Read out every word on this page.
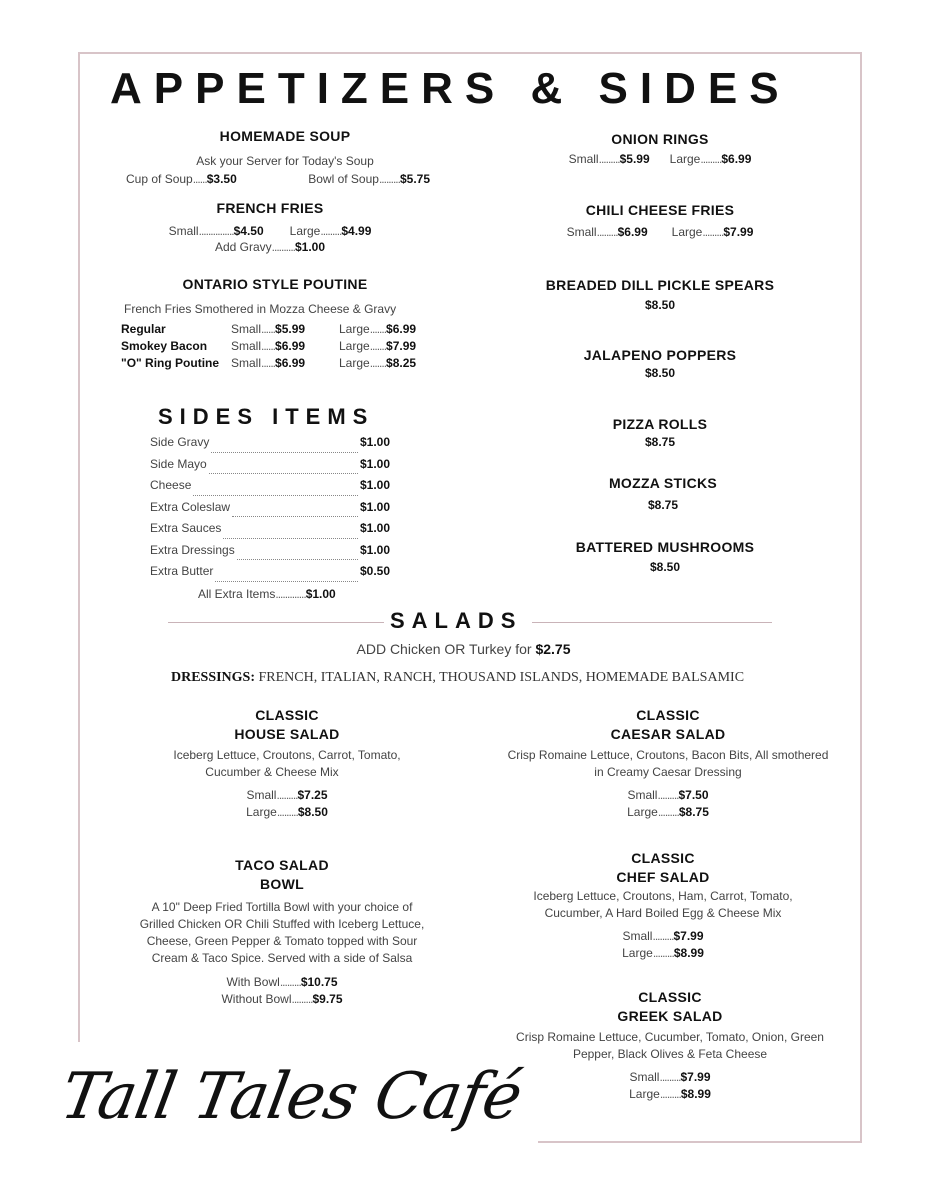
APPETIZERS & SIDES
HOMEMADE SOUP
Ask your Server for Today's Soup
Cup of Soup......$3.50	Bowl of Soup.........$5.75
FRENCH FRIES
Small...............$4.50 Large.........$4.99
Add Gravy..........$1.00
ONTARIO STYLE POUTINE
French Fries Smothered in Mozza Cheese & Gravy
Regular	Small......$5.99	Large.......$6.99
Smokey Bacon	Small......$6.99	Large.......$7.99
"O" Ring Poutine Small......$6.99	Large.......$8.25
SIDES ITEMS
Side Gravy	$1.00
Side Mayo	$1.00
Cheese	$1.00
Extra Coleslaw	$1.00
Extra Sauces	$1.00
Extra Dressings	$1.00
Extra Butter	$0.50
All Extra Items.............$1.00
ONION RINGS
Small.........$5.99 Large.........$6.99
CHILI CHEESE FRIES
Small.........$6.99 Large.........$7.99
BREADED DILL PICKLE SPEARS
$8.50
JALAPENO POPPERS
$8.50
PIZZA ROLLS
$8.75
MOZZA STICKS
$8.75
BATTERED MUSHROOMS
$8.50
SALADS
ADD Chicken OR Turkey for $2.75
DRESSINGS: FRENCH, ITALIAN, RANCH, THOUSAND ISLANDS, HOMEMADE BALSAMIC
CLASSIC
HOUSE SALAD
Iceberg Lettuce, Croutons, Carrot, Tomato,
Cucumber & Cheese Mix
Small.........$7.25
Large.........$8.50
TACO SALAD
BOWL
A 10" Deep Fried Tortilla Bowl with your choice of
Grilled Chicken OR Chili Stuffed with Iceberg Lettuce,
Cheese, Green Pepper & Tomato topped with Sour
Cream & Taco Spice. Served with a side of Salsa
With Bowl.........$10.75
Without Bowl.........$9.75
CLASSIC
CAESAR SALAD
Crisp Romaine Lettuce, Croutons, Bacon Bits, All smothered
in Creamy Caesar Dressing
Small.........$7.50
Large.........$8.75
CLASSIC
CHEF SALAD
Iceberg Lettuce, Croutons, Ham, Carrot, Tomato,
Cucumber, A Hard Boiled Egg & Cheese Mix
Small.........$7.99
Large.........$8.99
CLASSIC
GREEK SALAD
Crisp Romaine Lettuce, Cucumber, Tomato, Onion, Green
Pepper, Black Olives & Feta Cheese
Small.........$7.99
Large.........$8.99
Tall Tales Café
